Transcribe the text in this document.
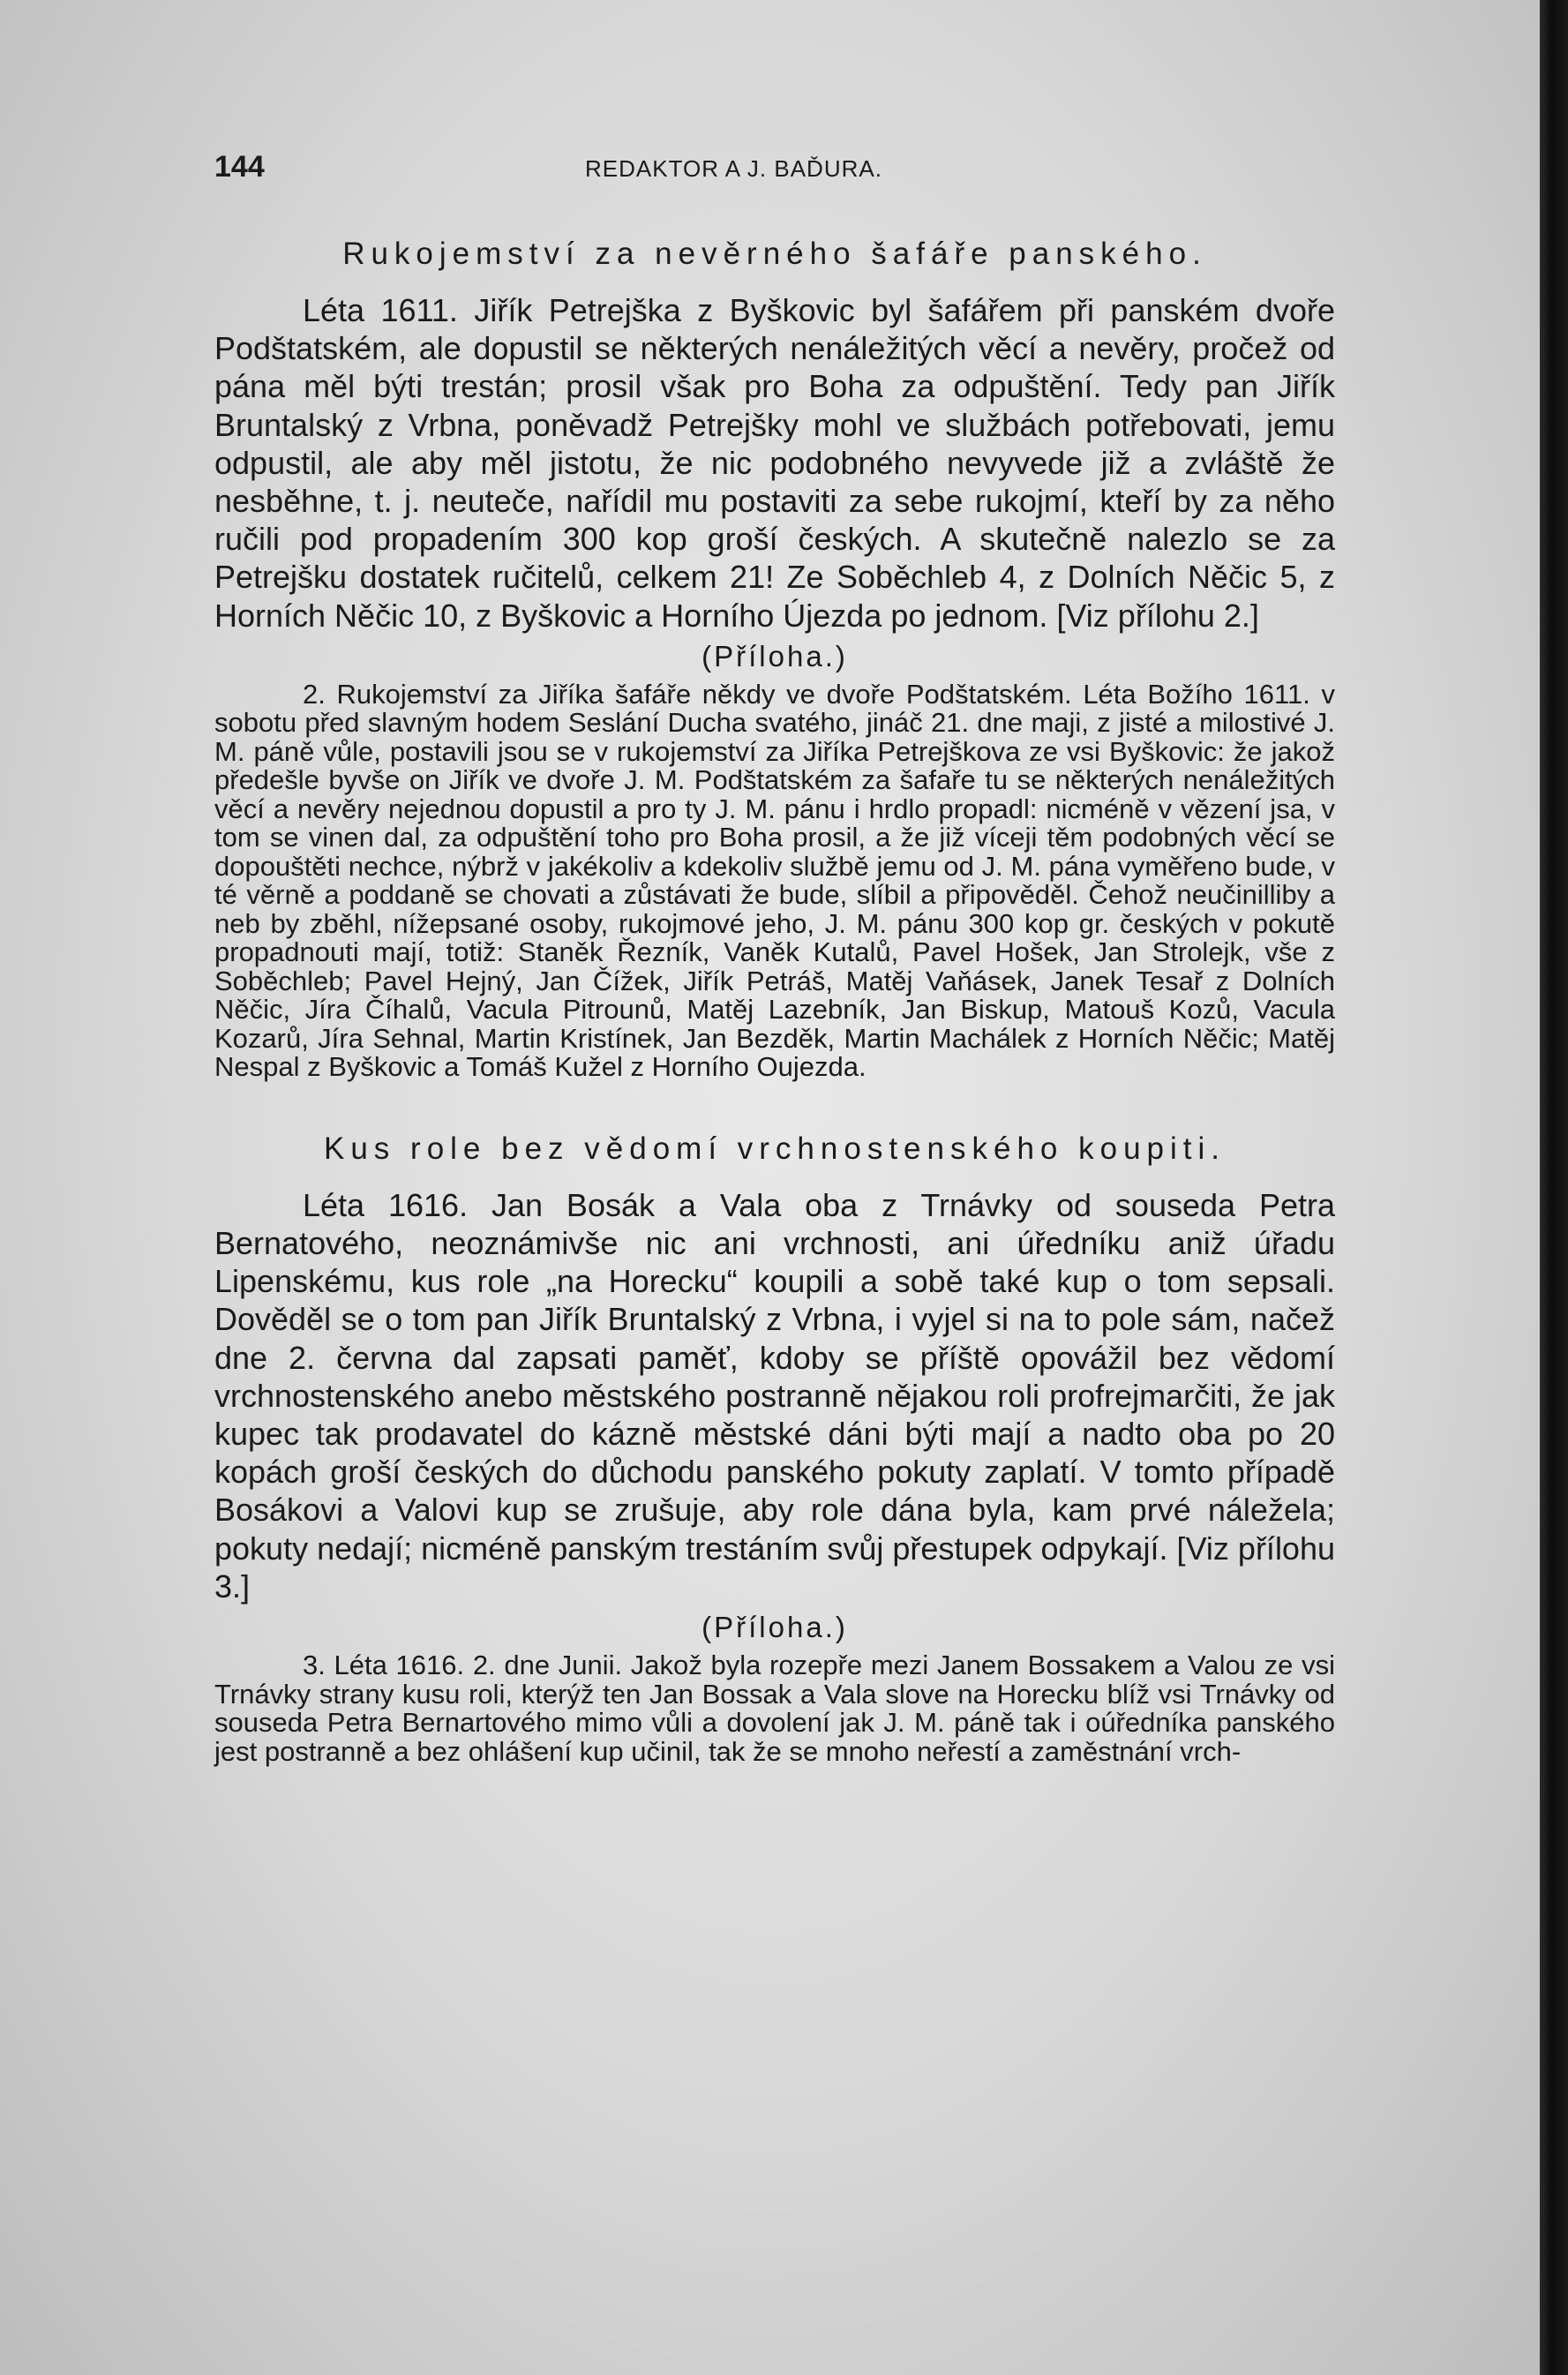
144	REDAKTOR A J. BAĎURA.
Rukojemství za nevěrného šafáře panského.

Léta 1611. Jiřík Petrejška z Byškovic byl šafářem při panském dvoře Podštatském, ale dopustil se některých nenáležitých věcí a nevěry, pročež od pána měl býti trestán; prosil však pro Boha za odpuštění. Tedy pan Jiřík Bruntalský z Vrbna, poněvadž Petrejšky mohl ve službách potřebovati, jemu odpustil, ale aby měl jistotu, že nic podobného nevyvede již a zvláště že nesběhne, t. j. neuteče, nařídil mu postaviti za sebe rukojmí, kteří by za něho ručili pod propadením 300 kop groší českých. A skutečně nalezlo se za Petrejšku dostatek ručitelů, celkem 21! Ze Soběchleb 4, z Dolních Něčic 5, z Horních Něčic 10, z Byškovic a Horního Újezda po jednom. [Viz přílohu 2.]

(Příloha.)

2. Rukojemství za Jiříka šafáře někdy ve dvoře Podštatském. Léta Božího 1611. v sobotu před slavným hodem Seslání Ducha svatého, jináč 21. dne maji, z jisté a milostivé J. M. páně vůle, postavili jsou se v rukojemství za Jiříka Petrejškova ze vsi Byškovic: že jakož předešle byvše on Jiřík ve dvoře J. M. Podštatském za šafaře tu se některých nenáležitých věcí a nevěry nejednou dopustil a pro ty J. M. pánu i hrdlo propadl: nicméně v vězení jsa, v tom se vinen dal, za odpuštění toho pro Boha prosil, a že již víceji těm podobných věcí se dopouštěti nechce, nýbrž v jakékoliv a kdekoliv službě jemu od J. M. pána vyměřeno bude, v té věrně a poddaně se chovati a zůstávati že bude, slíbil a připověděl. Čehož neučinilliby a neb by zběhl, nížepsané osoby, rukojmové jeho, J. M. pánu 300 kop gr. českých v pokutě propadnouti mají, totiž: Staněk Řezník, Vaněk Kutalů, Pavel Hošek, Jan Strolejk, vše z Soběchleb; Pavel Hejný, Jan Čížek, Jiřík Petráš, Matěj Vaňásek, Janek Tesař z Dolních Něčic, Jíra Číhalů, Vacula Pitrounů, Matěj Lazebník, Jan Biskup, Matouš Kozů, Vacula Kozarů, Jíra Sehnal, Martin Kristínek, Jan Bezděk, Martin Machálek z Horních Něčic; Matěj Nespal z Byškovic a Tomáš Kužel z Horního Oujezda.

Kus role bez vědomí vrchnostenského koupiti.

Léta 1616. Jan Bosák a Vala oba z Trnávky od souseda Petra Bernatového, neoznámivše nic ani vrchnosti, ani úředníku aniž úřadu Lipenskému, kus role „na Horecku“ koupili a sobě také kup o tom sepsali. Dověděl se o tom pan Jiřík Bruntalský z Vrbna, i vyjel si na to pole sám, načež dne 2. června dal zapsati paměť, kdoby se příště opovážil bez vědomí vrchnostenského anebo městského postranně nějakou roli profrejmarčiti, že jak kupec tak prodavatel do kázně městské dáni býti mají a nadto oba po 20 kopách groší českých do důchodu panského pokuty zaplatí. V tomto případě Bosákovi a Valovi kup se zrušuje, aby role dána byla, kam prvé náležela; pokuty nedají; nicméně panským trestáním svůj přestupek odpykají. [Viz přílohu 3.]

(Příloha.)

3. Léta 1616. 2. dne Junii. Jakož byla rozepře mezi Janem Bossakem a Valou ze vsi Trnávky strany kusu roli, kterýž ten Jan Bossak a Vala slove na Horecku blíž vsi Trnávky od souseda Petra Bernartového mimo vůli a dovolení jak J. M. páně tak i oúředníka panského jest postranně a bez ohlášení kup učinil, tak že se mnoho neřestí a zaměstnání vrch-
